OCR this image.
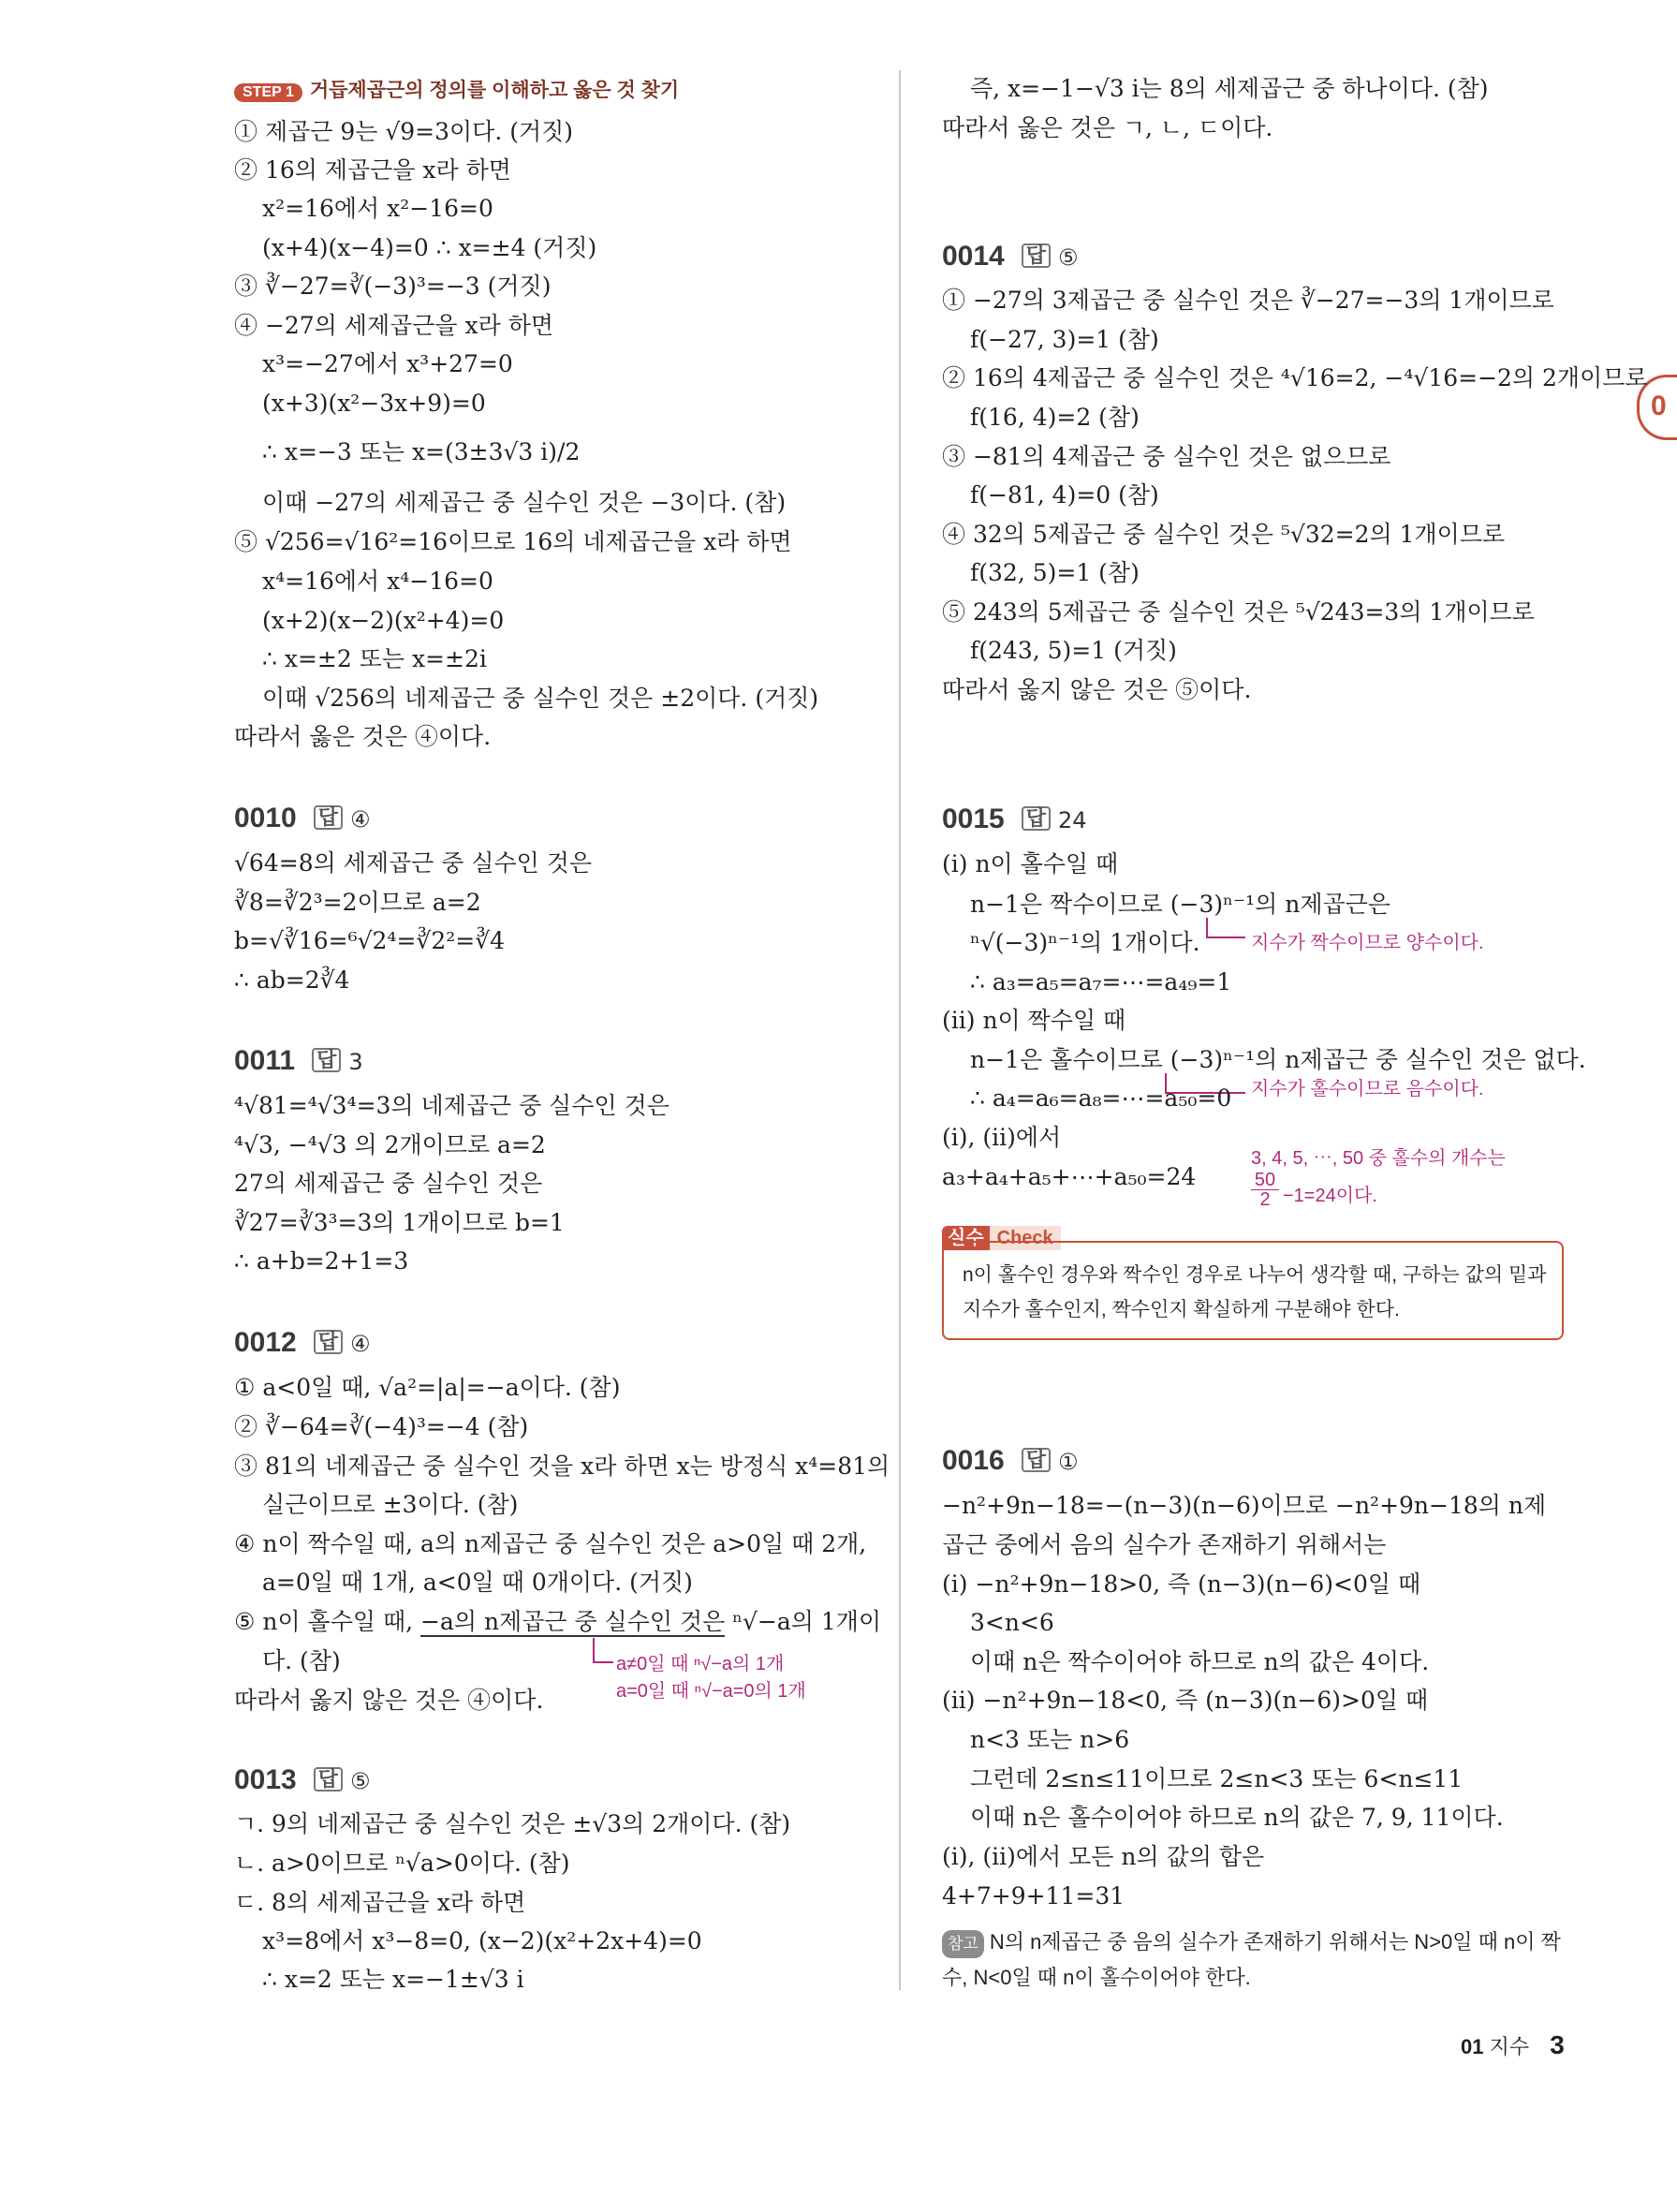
0
STEP 1 거듭제곱근의 정의를 이해하고 옳은 것 찾기
① 제곱근 9는 √9=3이다. (거짓)
② 16의 제곱근을 x라 하면
x²=16에서 x²−16=0
(x+4)(x−4)=0 ∴ x=±4 (거짓)
③ ∛−27=∛(−3)³=−3 (거짓)
④ −27의 세제곱근을 x라 하면
x³=−27에서 x³+27=0
(x+3)(x²−3x+9)=0
∴ x=−3 또는 x=(3±3√3 i)/2
이때 −27의 세제곱근 중 실수인 것은 −3이다. (참)
⑤ √256=√16²=16이므로 16의 네제곱근을 x라 하면
x⁴=16에서 x⁴−16=0
(x+2)(x−2)(x²+4)=0
∴ x=±2 또는 x=±2i
이때 √256의 네제곱근 중 실수인 것은 ±2이다. (거짓)
따라서 옳은 것은 ④이다.
0010 답 ④
√64=8의 세제곱근 중 실수인 것은
∛8=∛2³=2이므로 a=2
b=√∛16=⁶√2⁴=∛2²=∛4
∴ ab=2∛4
0011 답 3
⁴√81=⁴√3⁴=3의 네제곱근 중 실수인 것은
⁴√3, −⁴√3 의 2개이므로 a=2
27의 세제곱근 중 실수인 것은
∛27=∛3³=3의 1개이므로 b=1
∴ a+b=2+1=3
0012 답 ④
① a<0일 때, √a²=|a|=−a이다. (참)
② ∛−64=∛(−4)³=−4 (참)
③ 81의 네제곱근 중 실수인 것을 x라 하면 x는 방정식 x⁴=81의
실근이므로 ±3이다. (참)
④ n이 짝수일 때, a의 n제곱근 중 실수인 것은 a>0일 때 2개,
a=0일 때 1개, a<0일 때 0개이다. (거짓)
⑤ n이 홀수일 때, −a의 n제곱근 중 실수인 것은 ⁿ√−a의 1개이
다. (참)	a≠0일 때 ⁿ√−a의 1개
a=0일 때 ⁿ√−a=0의 1개
따라서 옳지 않은 것은 ④이다.
0013 답 ⑤
ㄱ. 9의 네제곱근 중 실수인 것은 ±√3의 2개이다. (참)
ㄴ. a>0이므로 ⁿ√a>0이다. (참)
ㄷ. 8의 세제곱근을 x라 하면
x³=8에서 x³−8=0, (x−2)(x²+2x+4)=0
∴ x=2 또는 x=−1±√3 i
즉, x=−1−√3 i는 8의 세제곱근 중 하나이다. (참)
따라서 옳은 것은 ㄱ, ㄴ, ㄷ이다.
0014 답 ⑤
① −27의 3제곱근 중 실수인 것은 ∛−27=−3의 1개이므로
f(−27, 3)=1 (참)
② 16의 4제곱근 중 실수인 것은 ⁴√16=2, −⁴√16=−2의 2개이므로
f(16, 4)=2 (참)
③ −81의 4제곱근 중 실수인 것은 없으므로
f(−81, 4)=0 (참)
④ 32의 5제곱근 중 실수인 것은 ⁵√32=2의 1개이므로
f(32, 5)=1 (참)
⑤ 243의 5제곱근 중 실수인 것은 ⁵√243=3의 1개이므로
f(243, 5)=1 (거짓)
따라서 옳지 않은 것은 ⑤이다.
0015 답 24
(i) n이 홀수일 때
n−1은 짝수이므로 (−3)ⁿ⁻¹의 n제곱근은
지수가 짝수이므로 양수이다.
ⁿ√(−3)ⁿ⁻¹의 1개이다.
∴ a₃=a₅=a₇=⋯=a₄₉=1
(ii) n이 짝수일 때
n−1은 홀수이므로 (−3)ⁿ⁻¹의 n제곱근 중 실수인 것은 없다.
지수가 홀수이므로 음수이다.
∴ a₄=a₆=a₈=⋯=a₅₀=0
(i), (ii)에서
a₃+a₄+a₅+⋯+a₅₀=24
3, 4, 5, ⋯, 50 중 홀수의 개수는
50
2 −1=24이다.
실수 Check
n이 홀수인 경우와 짝수인 경우로 나누어 생각할 때, 구하는 값의 밑과
지수가 홀수인지, 짝수인지 확실하게 구분해야 한다.
0016 답 ①
−n²+9n−18=−(n−3)(n−6)이므로 −n²+9n−18의 n제
곱근 중에서 음의 실수가 존재하기 위해서는
(i) −n²+9n−18>0, 즉 (n−3)(n−6)<0일 때
3<n<6
이때 n은 짝수이어야 하므로 n의 값은 4이다.
(ii) −n²+9n−18<0, 즉 (n−3)(n−6)>0일 때
n<3 또는 n>6
그런데 2≤n≤11이므로 2≤n<3 또는 6<n≤11
이때 n은 홀수이어야 하므로 n의 값은 7, 9, 11이다.
(i), (ii)에서 모든 n의 값의 합은
4+7+9+11=31
참고 N의 n제곱근 중 음의 실수가 존재하기 위해서는 N>0일 때 n이 짝
수, N<0일 때 n이 홀수이어야 한다.
01 지수 3
